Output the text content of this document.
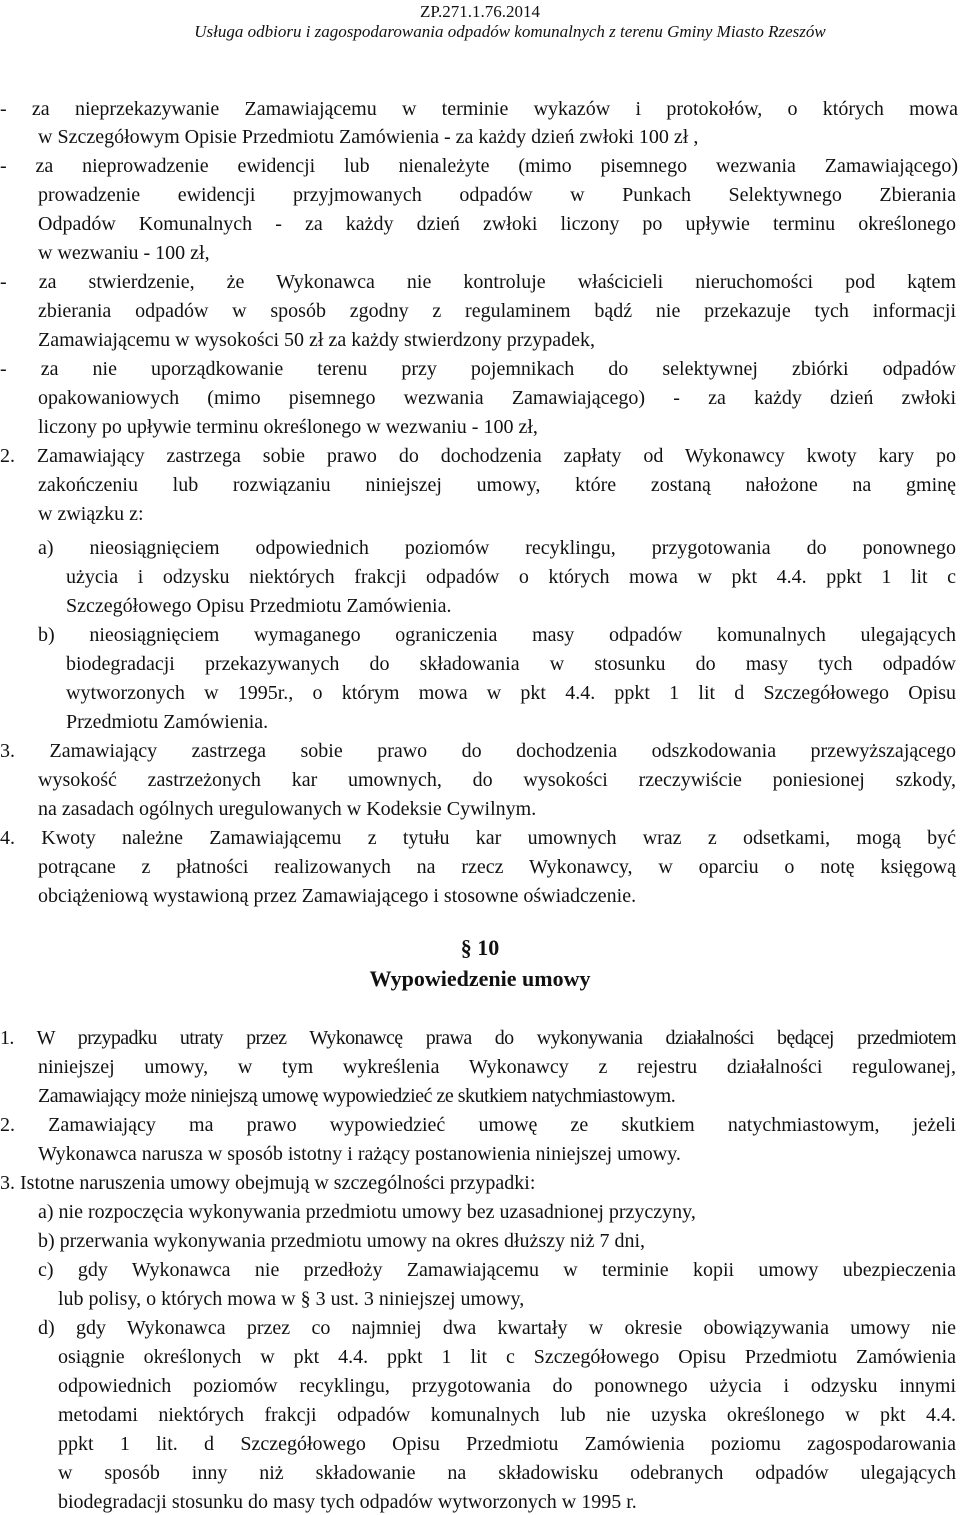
ZP.271.1.76.2014
Usługa odbioru i zagospodarowania odpadów komunalnych z terenu Gminy Miasto Rzeszów
- za nieprzekazywanie Zamawiającemu w terminie wykazów i protokołów, o których mowa
w Szczegółowym Opisie Przedmiotu Zamówienia - za każdy dzień zwłoki 100 zł ,
- za nieprowadzenie ewidencji lub nienależyte (mimo pisemnego wezwania Zamawiającego)
prowadzenie ewidencji przyjmowanych odpadów w Punkach Selektywnego Zbierania
Odpadów Komunalnych - za każdy dzień zwłoki liczony po upływie terminu określonego
w wezwaniu - 100 zł,
- za stwierdzenie, że Wykonawca nie kontroluje właścicieli nieruchomości pod kątem
zbierania odpadów w sposób zgodny z regulaminem bądź nie przekazuje tych informacji
Zamawiającemu w wysokości 50 zł za każdy stwierdzony przypadek,
- za nie uporządkowanie terenu przy pojemnikach do selektywnej zbiórki odpadów
opakowaniowych (mimo pisemnego wezwania Zamawiającego) - za każdy dzień zwłoki
liczony po upływie terminu określonego w wezwaniu - 100 zł,
2. Zamawiający zastrzega sobie prawo do dochodzenia zapłaty od Wykonawcy kwoty kary po
zakończeniu lub rozwiązaniu niniejszej umowy, które zostaną nałożone na gminę
w związku z:
a) nieosiągnięciem odpowiednich poziomów recyklingu, przygotowania do ponownego
użycia i odzysku niektórych frakcji odpadów o których mowa w pkt 4.4. ppkt 1 lit c
Szczegółowego Opisu Przedmiotu Zamówienia.
b) nieosiągnięciem wymaganego ograniczenia masy odpadów komunalnych ulegających
biodegradacji przekazywanych do składowania w stosunku do masy tych odpadów
wytworzonych w 1995r., o którym mowa w pkt 4.4. ppkt 1 lit d Szczegółowego Opisu
Przedmiotu Zamówienia.
3. Zamawiający zastrzega sobie prawo do dochodzenia odszkodowania przewyższającego
wysokość zastrzeżonych kar umownych, do wysokości rzeczywiście poniesionej szkody,
na zasadach ogólnych uregulowanych w Kodeksie Cywilnym.
4. Kwoty należne Zamawiającemu z tytułu kar umownych wraz z odsetkami, mogą być
potrącane z płatności realizowanych na rzecz Wykonawcy, w oparciu o notę księgową
obciążeniową wystawioną przez Zamawiającego i stosowne oświadczenie.
§ 10
Wypowiedzenie umowy
1. W przypadku utraty przez Wykonawcę prawa do wykonywania działalności będącej przedmiotem
niniejszej umowy, w tym wykreślenia Wykonawcy z rejestru działalności regulowanej,
Zamawiający może niniejszą umowę wypowiedzieć ze skutkiem natychmiastowym.
2. Zamawiający ma prawo wypowiedzieć umowę ze skutkiem natychmiastowym, jeżeli
Wykonawca narusza w sposób istotny i rażący postanowienia niniejszej umowy.
3. Istotne naruszenia umowy obejmują w szczególności przypadki:
a) nie rozpoczęcia wykonywania przedmiotu umowy bez uzasadnionej przyczyny,
b) przerwania wykonywania przedmiotu umowy na okres dłuższy niż 7 dni,
c) gdy Wykonawca nie przedłoży Zamawiającemu w terminie kopii umowy ubezpieczenia
lub polisy, o których mowa w § 3 ust. 3 niniejszej umowy,
d) gdy Wykonawca przez co najmniej dwa kwartały w okresie obowiązywania umowy nie
osiągnie określonych w pkt 4.4. ppkt 1 lit c Szczegółowego Opisu Przedmiotu Zamówienia
odpowiednich poziomów recyklingu, przygotowania do ponownego użycia i odzysku innymi
metodami niektórych frakcji odpadów komunalnych lub nie uzyska określonego w pkt 4.4.
ppkt 1 lit. d Szczegółowego Opisu Przedmiotu Zamówienia poziomu zagospodarowania
w sposób inny niż składowanie na składowisku odebranych odpadów ulegających
biodegradacji stosunku do masy tych odpadów wytworzonych w 1995 r.
